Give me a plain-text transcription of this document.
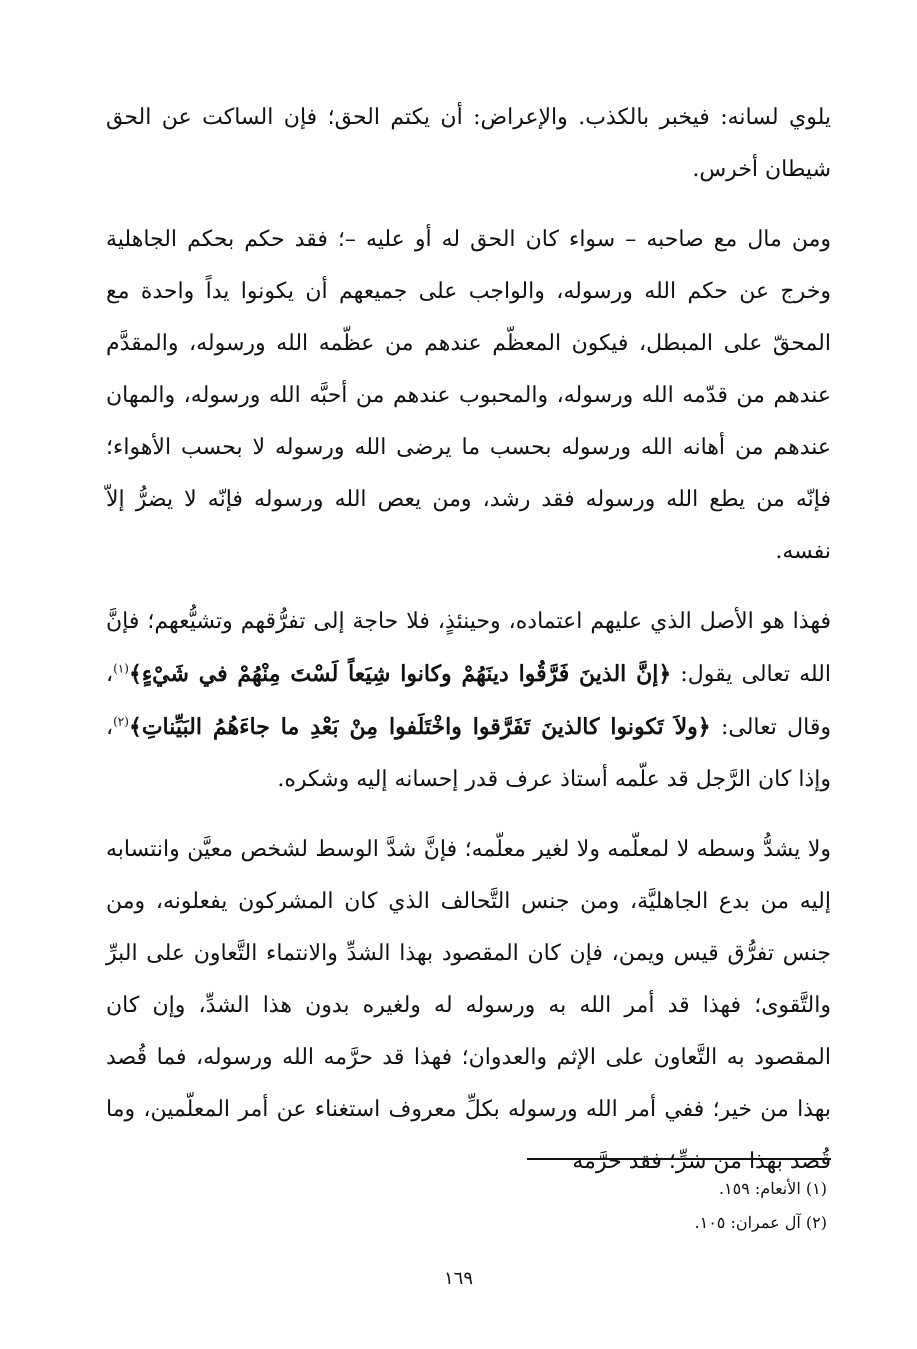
يلوي لسانه: فيخبر بالكذب. والإعراض: أن يكتم الحق؛ فإن الساكت عن الحق شيطان أخرس.

ومن مال مع صاحبه – سواء كان الحق له أو عليه –؛ فقد حكم بحكم الجاهلية وخرج عن حكم الله ورسوله، والواجب على جميعهم أن يكونوا يداً واحدة مع المحقّ على المبطل، فيكون المعظّم عندهم من عظّمه الله ورسوله، والمقدَّم عندهم من قدّمه الله ورسوله، والمحبوب عندهم من أحبَّه الله ورسوله، والمهان عندهم من أهانه الله ورسوله بحسب ما يرضى الله ورسوله لا بحسب الأهواء؛ فإنّه من يطع الله ورسوله فقد رشد، ومن يعص الله ورسوله فإنّه لا يضرُّ إلاّ نفسه.

فهذا هو الأصل الذي عليهم اعتماده، وحينئذٍ، فلا حاجة إلى تفرُّقهم وتشيُّعهم؛ فإنَّ الله تعالى يقول: ﴿إنَّ الذينَ فَرَّقُوا دينَهُمْ وكانوا شِيَعاً لَسْتَ مِنْهُمْ في شَيْءٍ﴾$^{(١)}$، وقال تعالى: ﴿ولاَ تَكونوا كالذينَ تَفَرَّقوا واخْتَلَفوا مِنْ بَعْدِ ما جاءَهُمُ البَيِّناتِ﴾$^{(٢)}$، وإذا كان الرَّجل قد علّمه أستاذ عرف قدر إحسانه إليه وشكره.

ولا يشدُّ وسطه لا لمعلّمه ولا لغير معلّمه؛ فإنَّ شدَّ الوسط لشخص معيَّن وانتسابه إليه من بدع الجاهليَّة، ومن جنس التَّحالف الذي كان المشركون يفعلونه، ومن جنس تفرُّق قيس ويمن، فإن كان المقصود بهذا الشدِّ والانتماء التَّعاون على البرِّ والتَّقوى؛ فهذا قد أمر الله به ورسوله له ولغيره بدون هذا الشدِّ، وإن كان المقصود به التَّعاون على الإثم والعدوان؛ فهذا قد حرَّمه الله ورسوله، فما قُصد بهذا من خير؛ ففي أمر الله ورسوله بكلِّ معروف استغناء عن أمر المعلّمين، وما قُصد بهذا من شرٍّ؛ فقد حرَّمه

(١) الأنعام: ١٥٩.

(٢) آل عمران: ١٠٥.

١٦٩
